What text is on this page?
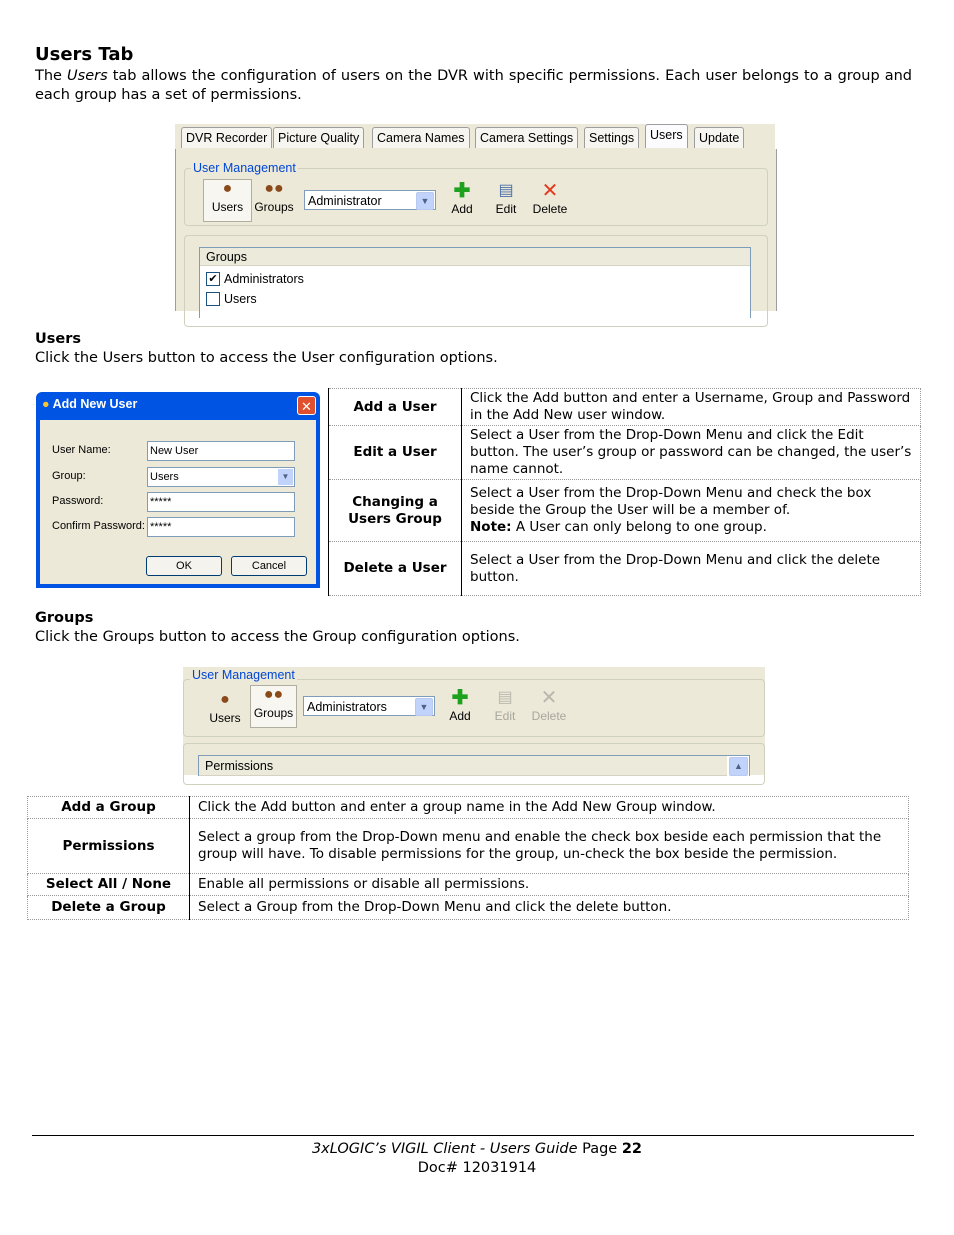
Users Tab
The Users tab allows the configuration of users on the DVR with specific permissions. Each user belongs to a group and each group has a set of permissions.
DVR Recorder Picture Quality	Camera Names	Camera Settings	Settings	Users	Update
User Management
●
Users
●●
Groups	Administrator	▼	✚
Add
▤
Edit
✕
Delete
Groups
✔ Administrators
Users
Users
Click the Users button to access the User configuration options.
● Add New User	✕
User Name:	New User
Group:	Users	▼
Password:	*****
Confirm Password: *****
OK	Cancel
Add a User	Click the Add button and enter a Username, Group and Password in the Add New user window.
Edit a User	Select a User from the Drop-Down Menu and click the Edit button. The user’s group or password can be changed, the user’s name cannot.
Changing a Users Group	Select a User from the Drop-Down Menu and check the box beside the Group the User will be a member of.
Note: A User can only belong to one group.
Delete a User	Select a User from the Drop-Down Menu and click the delete button.
Groups
Click the Groups button to access the Group configuration options.
User Management
●
Users
●●
Groups	Administrators	▼	✚
Add
▤
Edit
✕
Delete
Permissions	▲
Add a Group	Click the Add button and enter a group name in the Add New Group window.
Permissions	Select a group from the Drop-Down menu and enable the check box beside each permission that the group will have. To disable permissions for the group, un-check the box beside the permission.
Select All / None	Enable all permissions or disable all permissions.
Delete a Group	Select a Group from the Drop-Down Menu and click the delete button.
3xLOGIC’s VIGIL Client - Users Guide Page 22
Doc# 12031914
